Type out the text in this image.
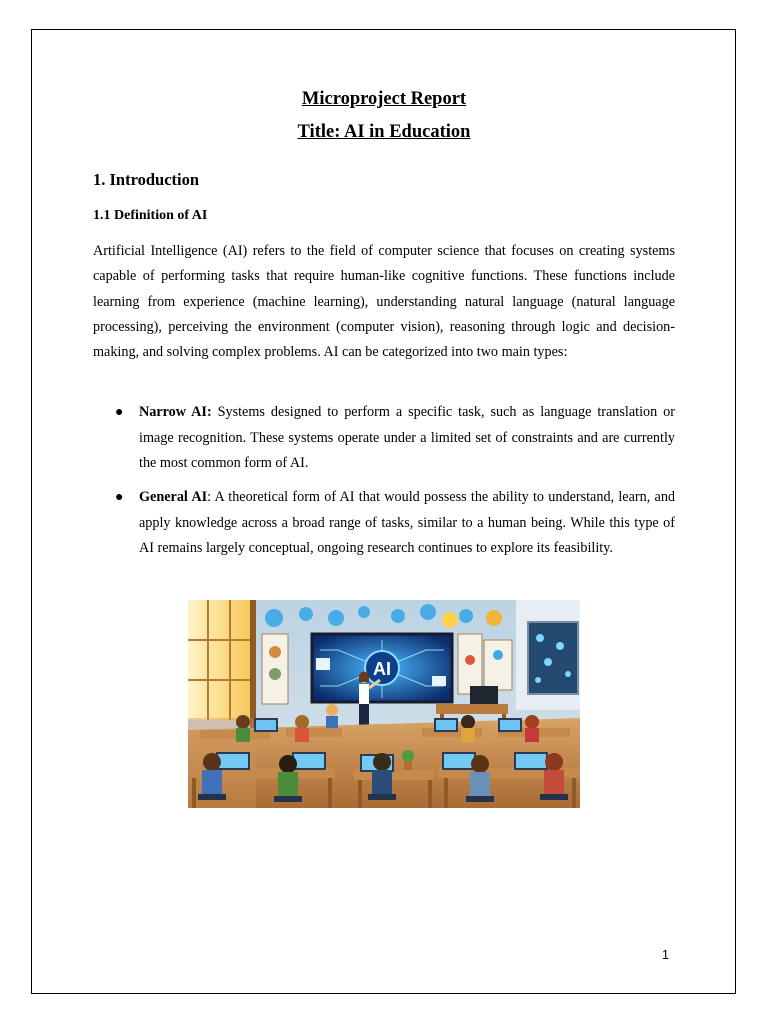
Microproject Report
Title: AI in Education
1. Introduction
1.1 Definition of AI
Artificial Intelligence (AI) refers to the field of computer science that focuses on creating systems capable of performing tasks that require human-like cognitive functions. These functions include learning from experience (machine learning), understanding natural language (natural language processing), perceiving the environment (computer vision), reasoning through logic and decision-making, and solving complex problems. AI can be categorized into two main types:
● Narrow AI: Systems designed to perform a specific task, such as language translation or image recognition. These systems operate under a limited set of constraints and are currently the most common form of AI.
● General AI: A theoretical form of AI that would possess the ability to understand, learn, and apply knowledge across a broad range of tasks, similar to a human being. While this type of AI remains largely conceptual, ongoing research continues to explore its feasibility.
AI
1
